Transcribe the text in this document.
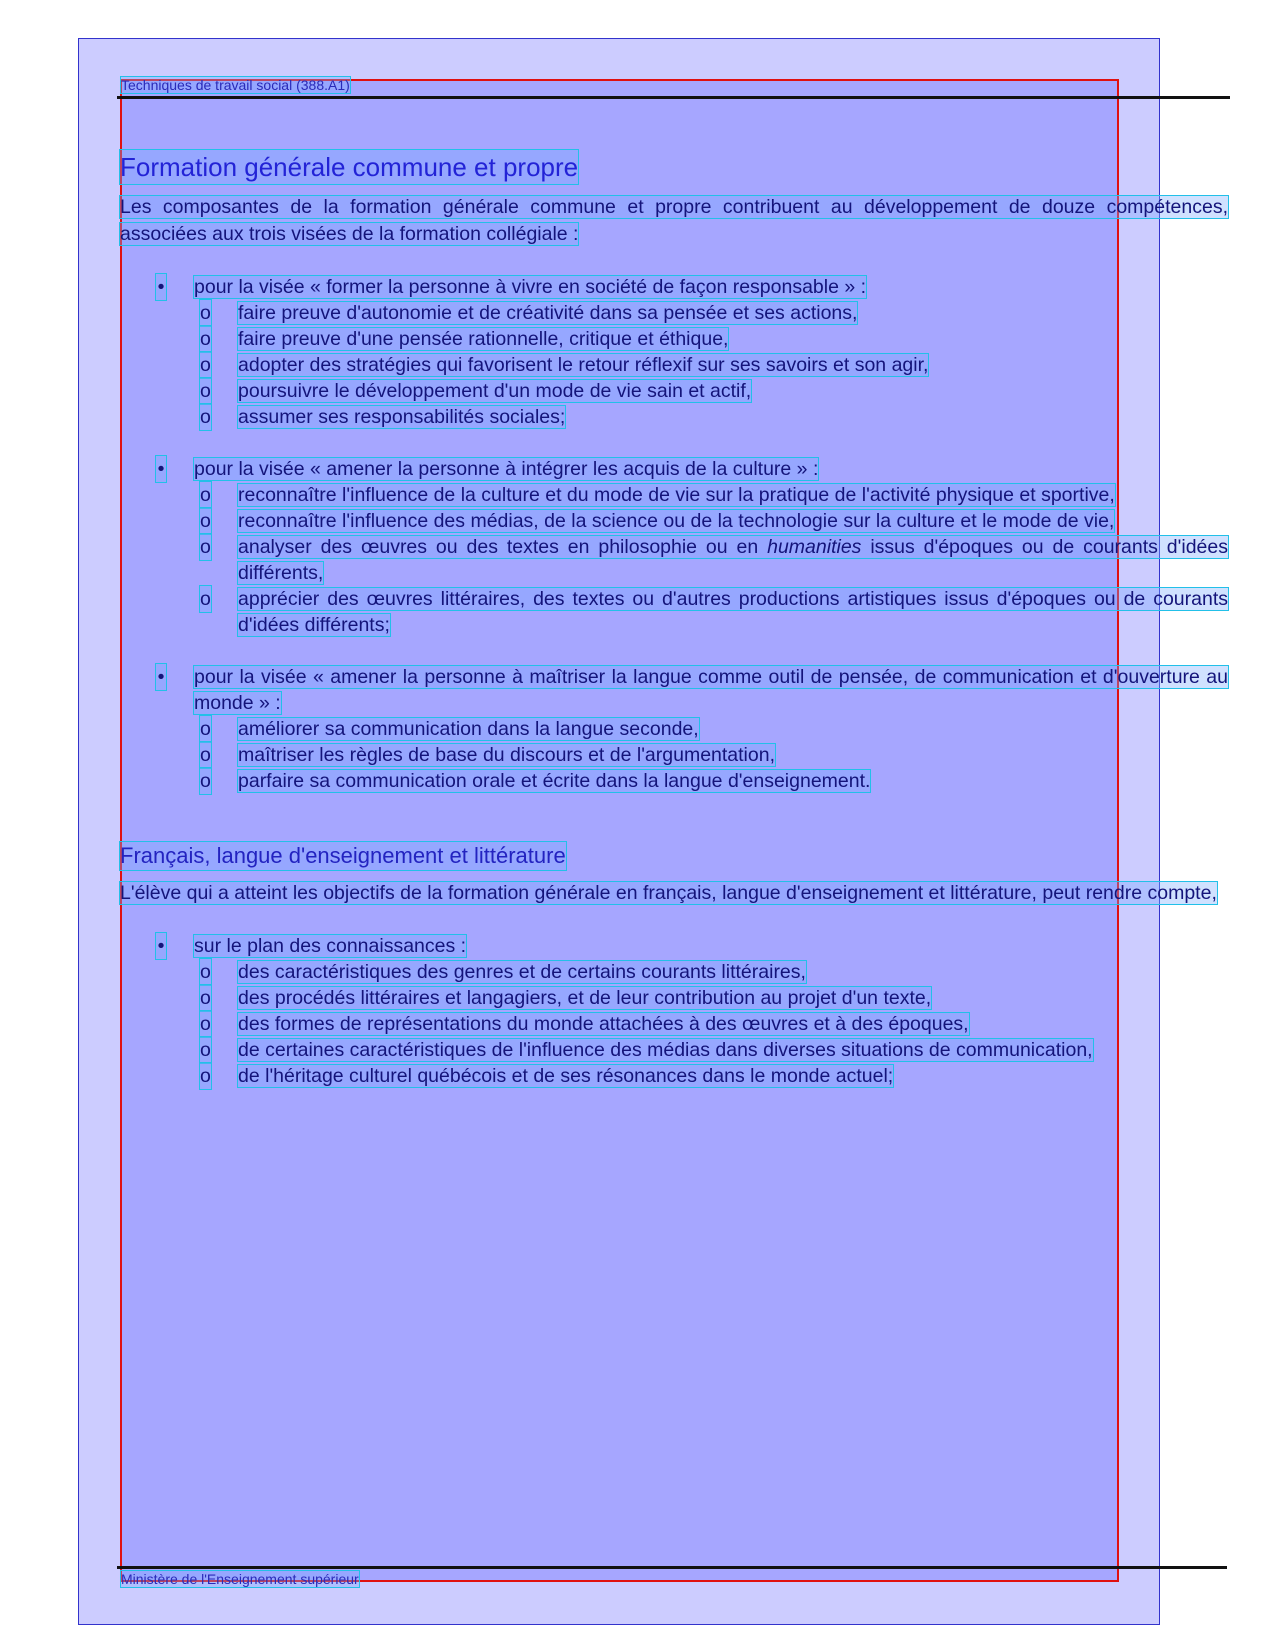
Techniques de travail social (388.A1)
Formation générale commune et propre

Les composantes de la formation générale commune et propre contribuent au développement de douze compétences, associées aux trois visées de la formation collégiale :

• pour la visée « former la personne à vivre en société de façon responsable » :
o faire preuve d'autonomie et de créativité dans sa pensée et ses actions,
o faire preuve d'une pensée rationnelle, critique et éthique,
o adopter des stratégies qui favorisent le retour réflexif sur ses savoirs et son agir,
o poursuivre le développement d'un mode de vie sain et actif,
o assumer ses responsabilités sociales;
• pour la visée « amener la personne à intégrer les acquis de la culture » :
o reconnaître l'influence de la culture et du mode de vie sur la pratique de l'activité physique et sportive,
o reconnaître l'influence des médias, de la science ou de la technologie sur la culture et le mode de vie,
o analyser des œuvres ou des textes en philosophie ou en humanities issus d'époques ou de courants d'idées différents,
o apprécier des œuvres littéraires, des textes ou d'autres productions artistiques issus d'époques ou de courants d'idées différents;
• pour la visée « amener la personne à maîtriser la langue comme outil de pensée, de communication et d'ouverture au monde » :
o améliorer sa communication dans la langue seconde,
o maîtriser les règles de base du discours et de l'argumentation,
o parfaire sa communication orale et écrite dans la langue d'enseignement.
Français, langue d'enseignement et littérature

L'élève qui a atteint les objectifs de la formation générale en français, langue d'enseignement et littérature, peut rendre compte,

• sur le plan des connaissances :
o des caractéristiques des genres et de certains courants littéraires,
o des procédés littéraires et langagiers, et de leur contribution au projet d'un texte,
o des formes de représentations du monde attachées à des œuvres et à des époques,
o de certaines caractéristiques de l'influence des médias dans diverses situations de communication,
o de l'héritage culturel québécois et de ses résonances dans le monde actuel;
Ministère de l'Enseignement supérieur
